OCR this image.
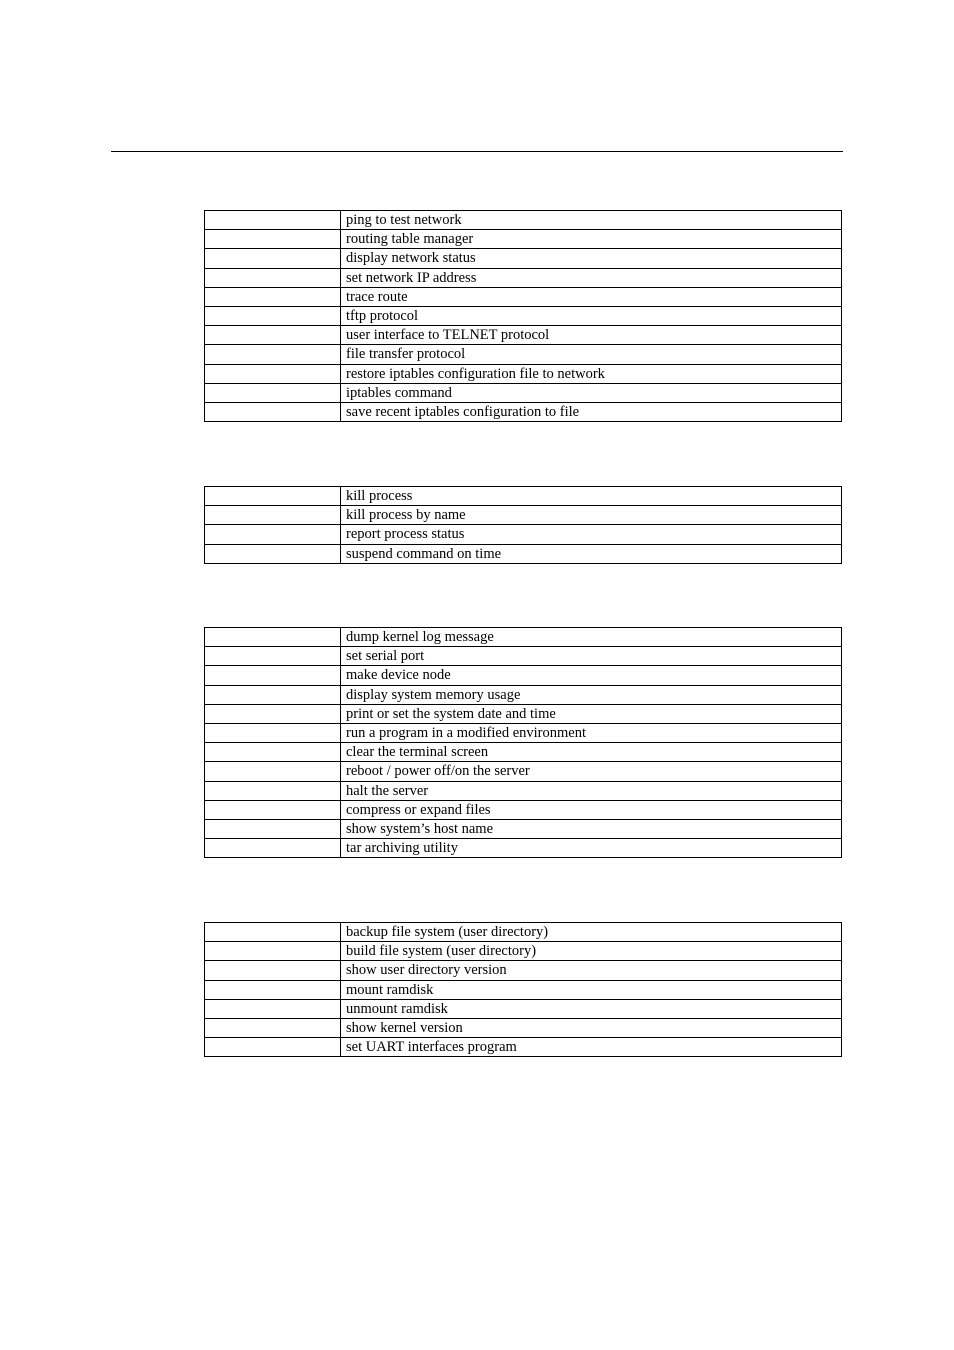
	ping to test network
	routing table manager
	display network status
	set network IP address
	trace route
	tftp protocol
	user interface to TELNET protocol
	file transfer protocol
	restore iptables configuration file to network
	iptables command
	save recent iptables configuration to file
	kill process
	kill process by name
	report process status
	suspend command on time
	dump kernel log message
	set serial port
	make device node
	display system memory usage
	print or set the system date and time
	run a program in a modified environment
	clear the terminal screen
	reboot / power off/on the server
	halt the server
	compress or expand files
	show system’s host name
	tar archiving utility
	backup file system (user directory)
	build file system (user directory)
	show user directory version
	mount ramdisk
	unmount ramdisk
	show kernel version
	set UART interfaces program
